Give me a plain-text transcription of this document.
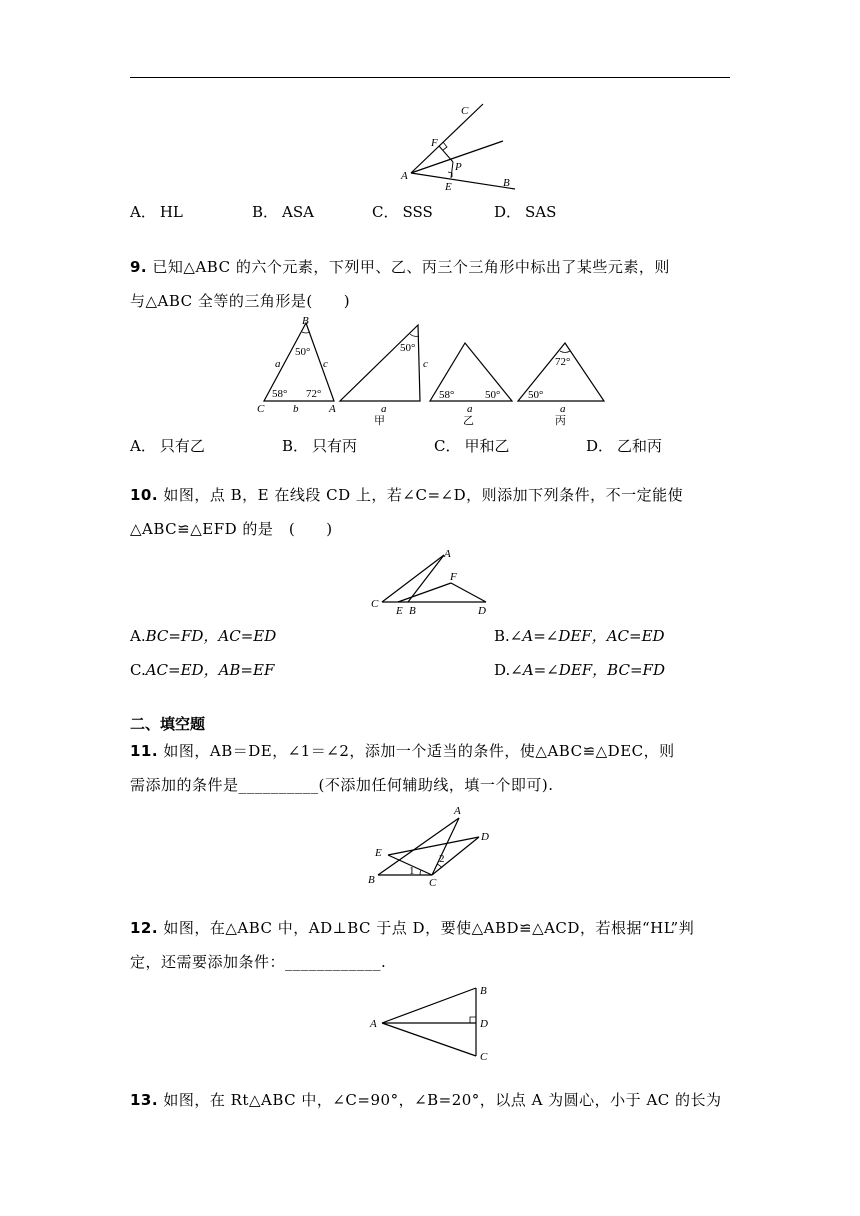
C
F
P
A
E	B
A． HL	B． ASA	C． SSS	D． SAS
9. 已知△ABC 的六个元素，下列甲、乙、丙三个三角形中标出了某些元素，则
与△ABC 全等的三角形是(　　)
B
50°
a	c
58° 72°
C	b	A
50°
c
a
甲
58°	50°
a
乙
72°
50°
a
丙
A． 只有乙	B． 只有丙	C． 甲和乙	D． 乙和丙
10. 如图，点 B，E 在线段 CD 上，若∠C=∠D，则添加下列条件，不一定能使
△ABC≌△EFD 的是　(　　)
A
F
C
E B	D
A.BC=FD，AC=ED	B.∠A=∠DEF，AC=ED
C.AC=ED，AB=EF	D.∠A=∠DEF，BC=FD
二、填空题
11. 如图，AB＝DE，∠1＝∠2，添加一个适当的条件，使△ABC≌△DEC，则
需添加的条件是__________(不添加任何辅助线，填一个即可).
A
D
E	2
1
B	C
12. 如图，在△ABC 中，AD⊥BC 于点 D，要使△ABD≌△ACD，若根据“HL”判
定，还需要添加条件：____________.
B
A	D
C
13. 如图，在 Rt△ABC 中，∠C=90°，∠B=20°，以点 A 为圆心，小于 AC 的长为
